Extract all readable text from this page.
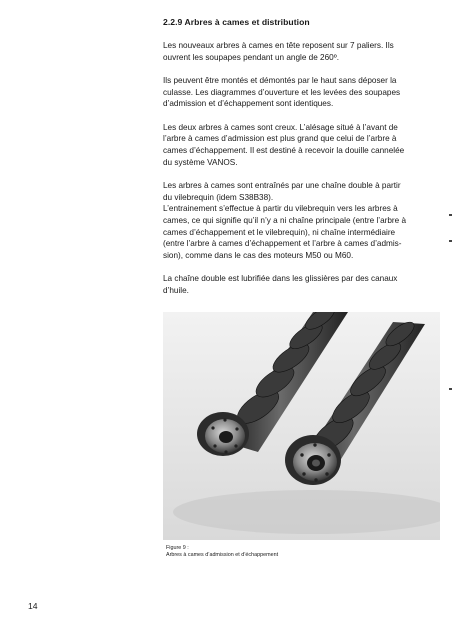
2.2.9 Arbres à cames et distribution

Les nouveaux arbres à cames en tête reposent sur 7 paliers. Ils
ouvrent les soupapes pendant un angle de 260º.

Ils peuvent être montés et démontés par le haut sans déposer la
culasse. Les diagrammes d’ouverture et les levées des soupapes
d’admission et d’échappement sont identiques.

Les deux arbres à cames sont creux. L’alésage situé à l’avant de
l’arbre à cames d’admission est plus grand que celui de l’arbre à
cames d’échappement. Il est destiné à recevoir la douille cannelée
du système VANOS.

Les arbres à cames sont entraînés par une chaîne double à partir
du vilebrequin (idem S38B38).
L’entrainement s’effectue à partir du vilebrequin vers les arbres à
cames, ce qui signifie qu’il n’y a ni chaîne principale (entre l’arbre à
cames d’échappement et le vilebrequin), ni chaîne intermédiaire
(entre l’arbre à cames d’échappement et l’arbre à cames d’admis-
sion), comme dans le cas des moteurs M50 ou M60.

La chaîne double est lubrifiée dans les glissières par des canaux
d’huile.

Figure 9 :
Arbres à cames d’admission et d’échappement
14
